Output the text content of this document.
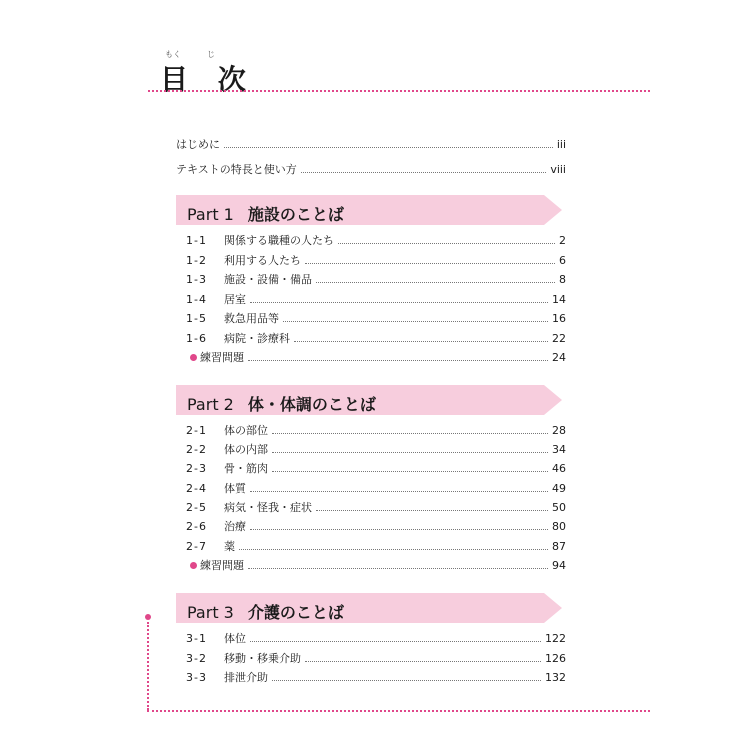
もく	じ
目 次
はじめに	iii
テキストの特長と使い方	viii
Part 1 施設のことば
1-1	関係する職種の人たち	2
1-2	利用する人たち	6
1-3	施設・設備・備品	8
1-4	居室	14
1-5	救急用品等	16
1-6	病院・診療科	22
練習問題	24
Part 2 体・体調のことば
2-1	体の部位	28
2-2	体の内部	34
2-3	骨・筋肉	46
2-4	体質	49
2-5	病気・怪我・症状	50
2-6	治療	80
2-7	薬	87
練習問題	94
Part 3 介護のことば
3-1	体位	122
3-2	移動・移乗介助	126
3-3	排泄介助	132
